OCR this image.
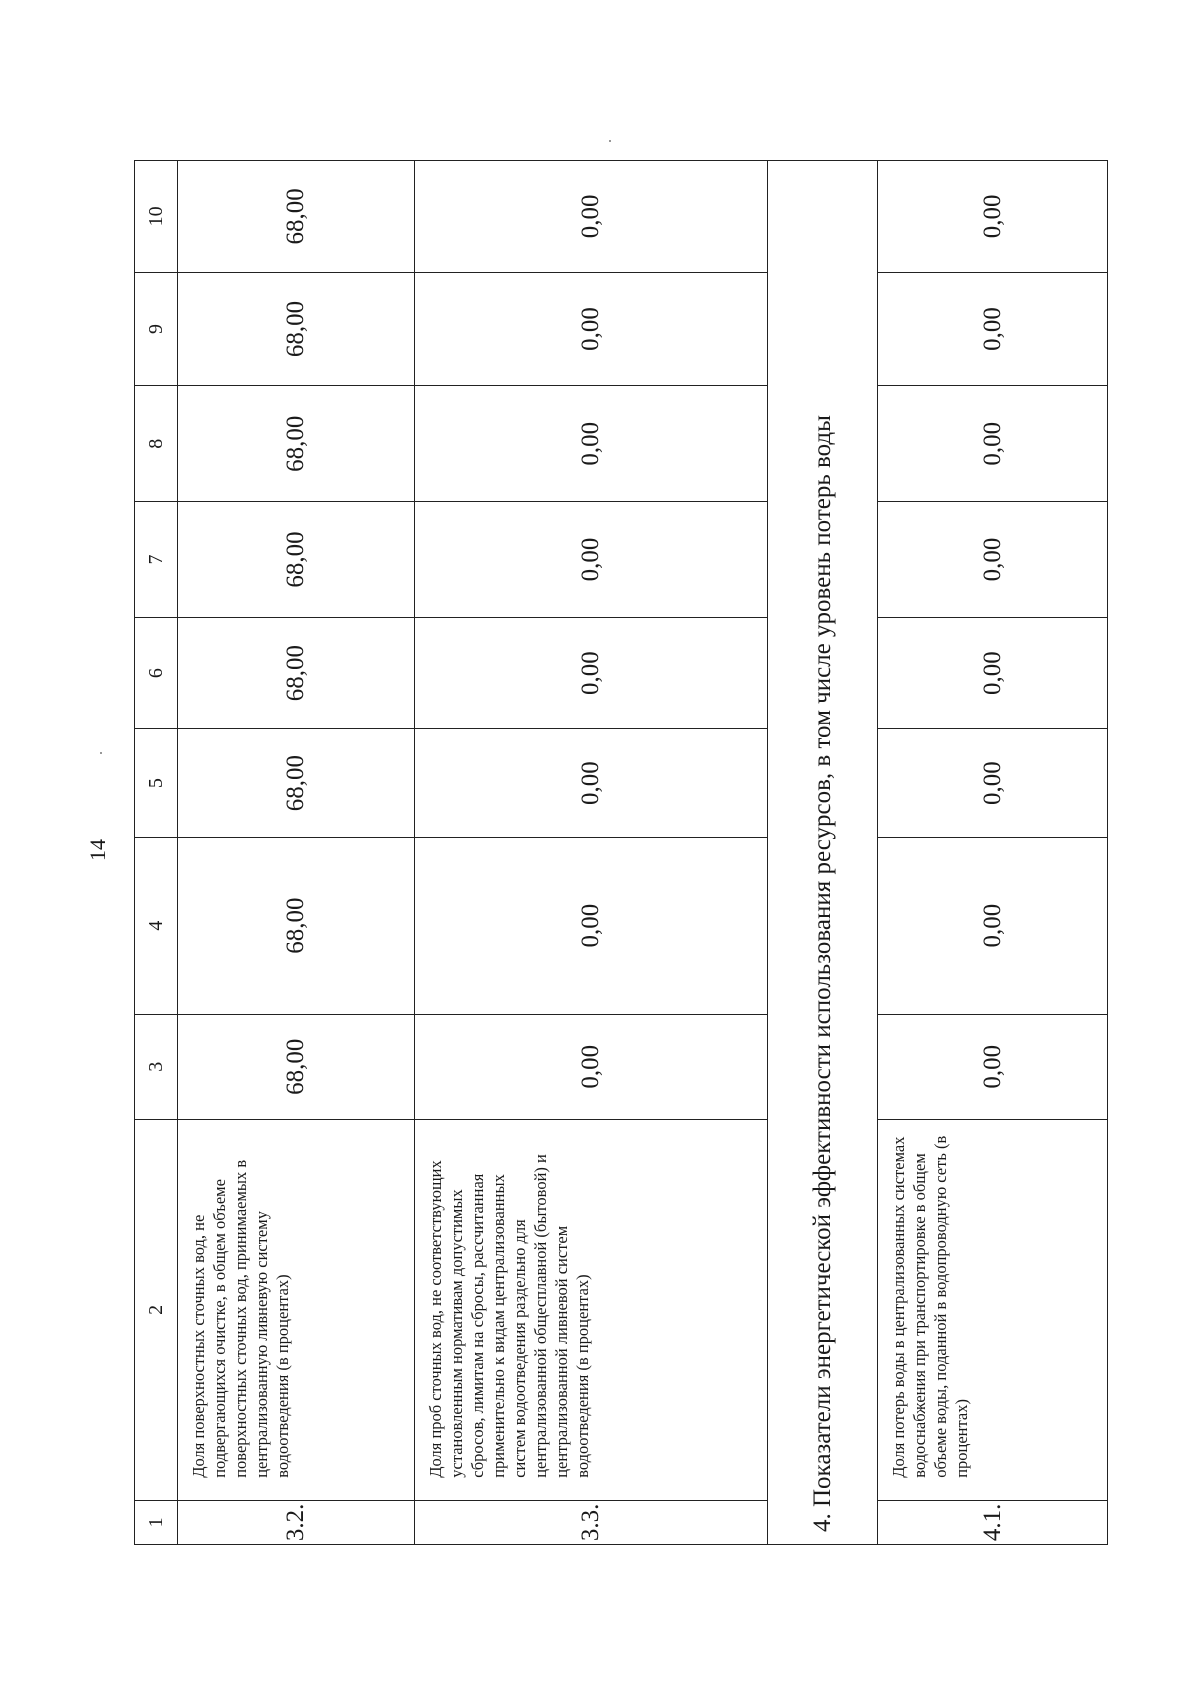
14
1	2	3	4	5	6	7	8	9	10
3.2.	Доля поверхностных сточных вод, не подвергающихся очистке, в общем объеме поверхностных сточных вод, принимаемых в централизованную ливневую систему водоотведения (в процентах)	68,00	68,00	68,00	68,00	68,00	68,00	68,00	68,00
3.3.	Доля проб сточных вод, не соответствующих установленным нормативам допустимых сбросов, лимитам на сбросы, рассчитанная применительно к видам централизованных систем водоотведения раздельно для централизованной общесплавной (бытовой) и централизованной ливневой систем водоотведения (в процентах)	0,00	0,00	0,00	0,00	0,00	0,00	0,00	0,00
4. Показатели энергетической эффективности использования ресурсов, в том числе уровень потерь воды									
4.1.	Доля потерь воды в централизованных системах водоснабжения при транспортировке в общем объеме воды, поданной в водопроводную сеть (в процентах)	0,00	0,00	0,00	0,00	0,00	0,00	0,00	0,00
